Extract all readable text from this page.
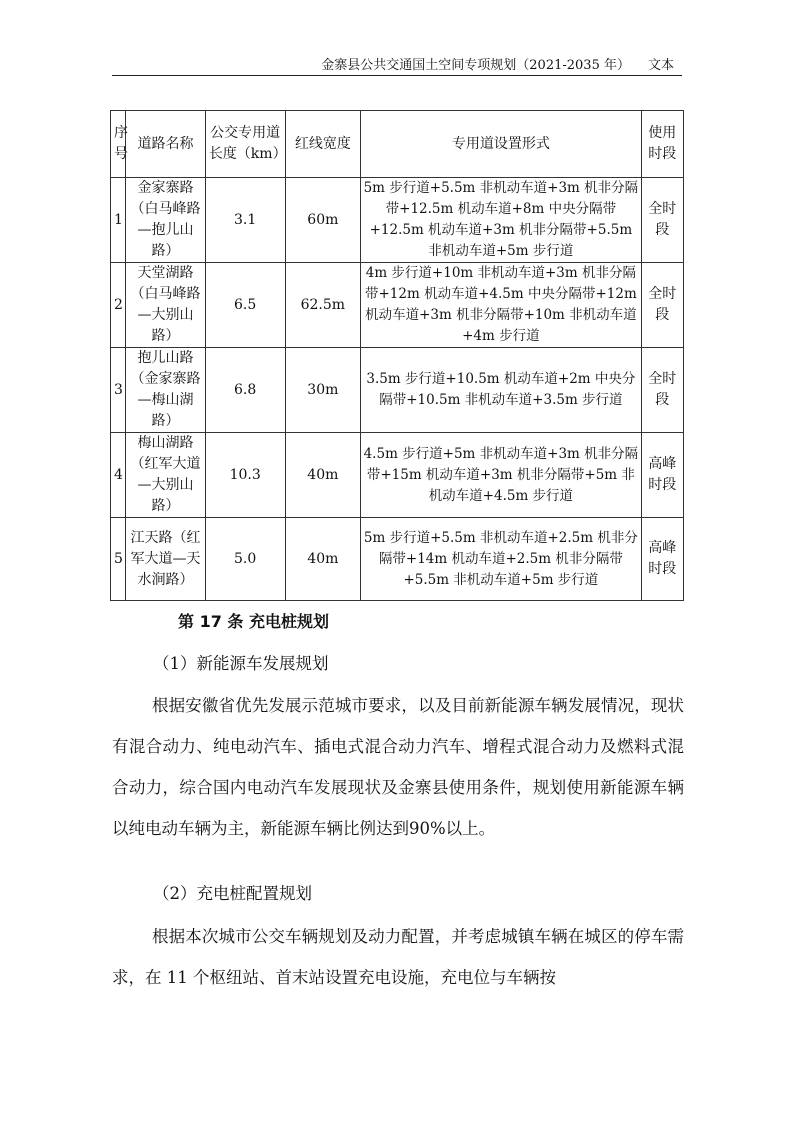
金寨县公共交通国土空间专项规划（2021-2035 年） 文本
序号	道路名称	公交专用道长度（km）	红线宽度	专用道设置形式	使用时段
1	金家寨路（白马峰路—抱儿山路）	3.1	60m	5m 步行道+5.5m 非机动车道+3m 机非分隔带+12.5m 机动车道+8m 中央分隔带+12.5m 机动车道+3m 机非分隔带+5.5m 非机动车道+5m 步行道	全时段
2	天堂湖路（白马峰路—大别山路）	6.5	62.5m	4m 步行道+10m 非机动车道+3m 机非分隔带+12m 机动车道+4.5m 中央分隔带+12m 机动车道+3m 机非分隔带+10m 非机动车道+4m 步行道	全时段
3	抱儿山路（金家寨路—梅山湖路）	6.8	30m	3.5m 步行道+10.5m 机动车道+2m 中央分隔带+10.5m 非机动车道+3.5m 步行道	全时段
4	梅山湖路（红军大道—大别山路）	10.3	40m	4.5m 步行道+5m 非机动车道+3m 机非分隔带+15m 机动车道+3m 机非分隔带+5m 非机动车道+4.5m 步行道	高峰时段
5	江天路（红军大道—天水涧路）	5.0	40m	5m 步行道+5.5m 非机动车道+2.5m 机非分隔带+14m 机动车道+2.5m 机非分隔带+5.5m 非机动车道+5m 步行道	高峰时段
第 17 条 充电桩规划
（1）新能源车发展规划

根据安徽省优先发展示范城市要求，以及目前新能源车辆发展情况，现状有混合动力、纯电动汽车、插电式混合动力汽车、增程式混合动力及燃料式混合动力，综合国内电动汽车发展现状及金寨县使用条件，规划使用新能源车辆以纯电动车辆为主，新能源车辆比例达到90%以上。

（2）充电桩配置规划

根据本次城市公交车辆规划及动力配置，并考虑城镇车辆在城区的停车需求，在 11 个枢纽站、首末站设置充电设施，充电位与车辆按
